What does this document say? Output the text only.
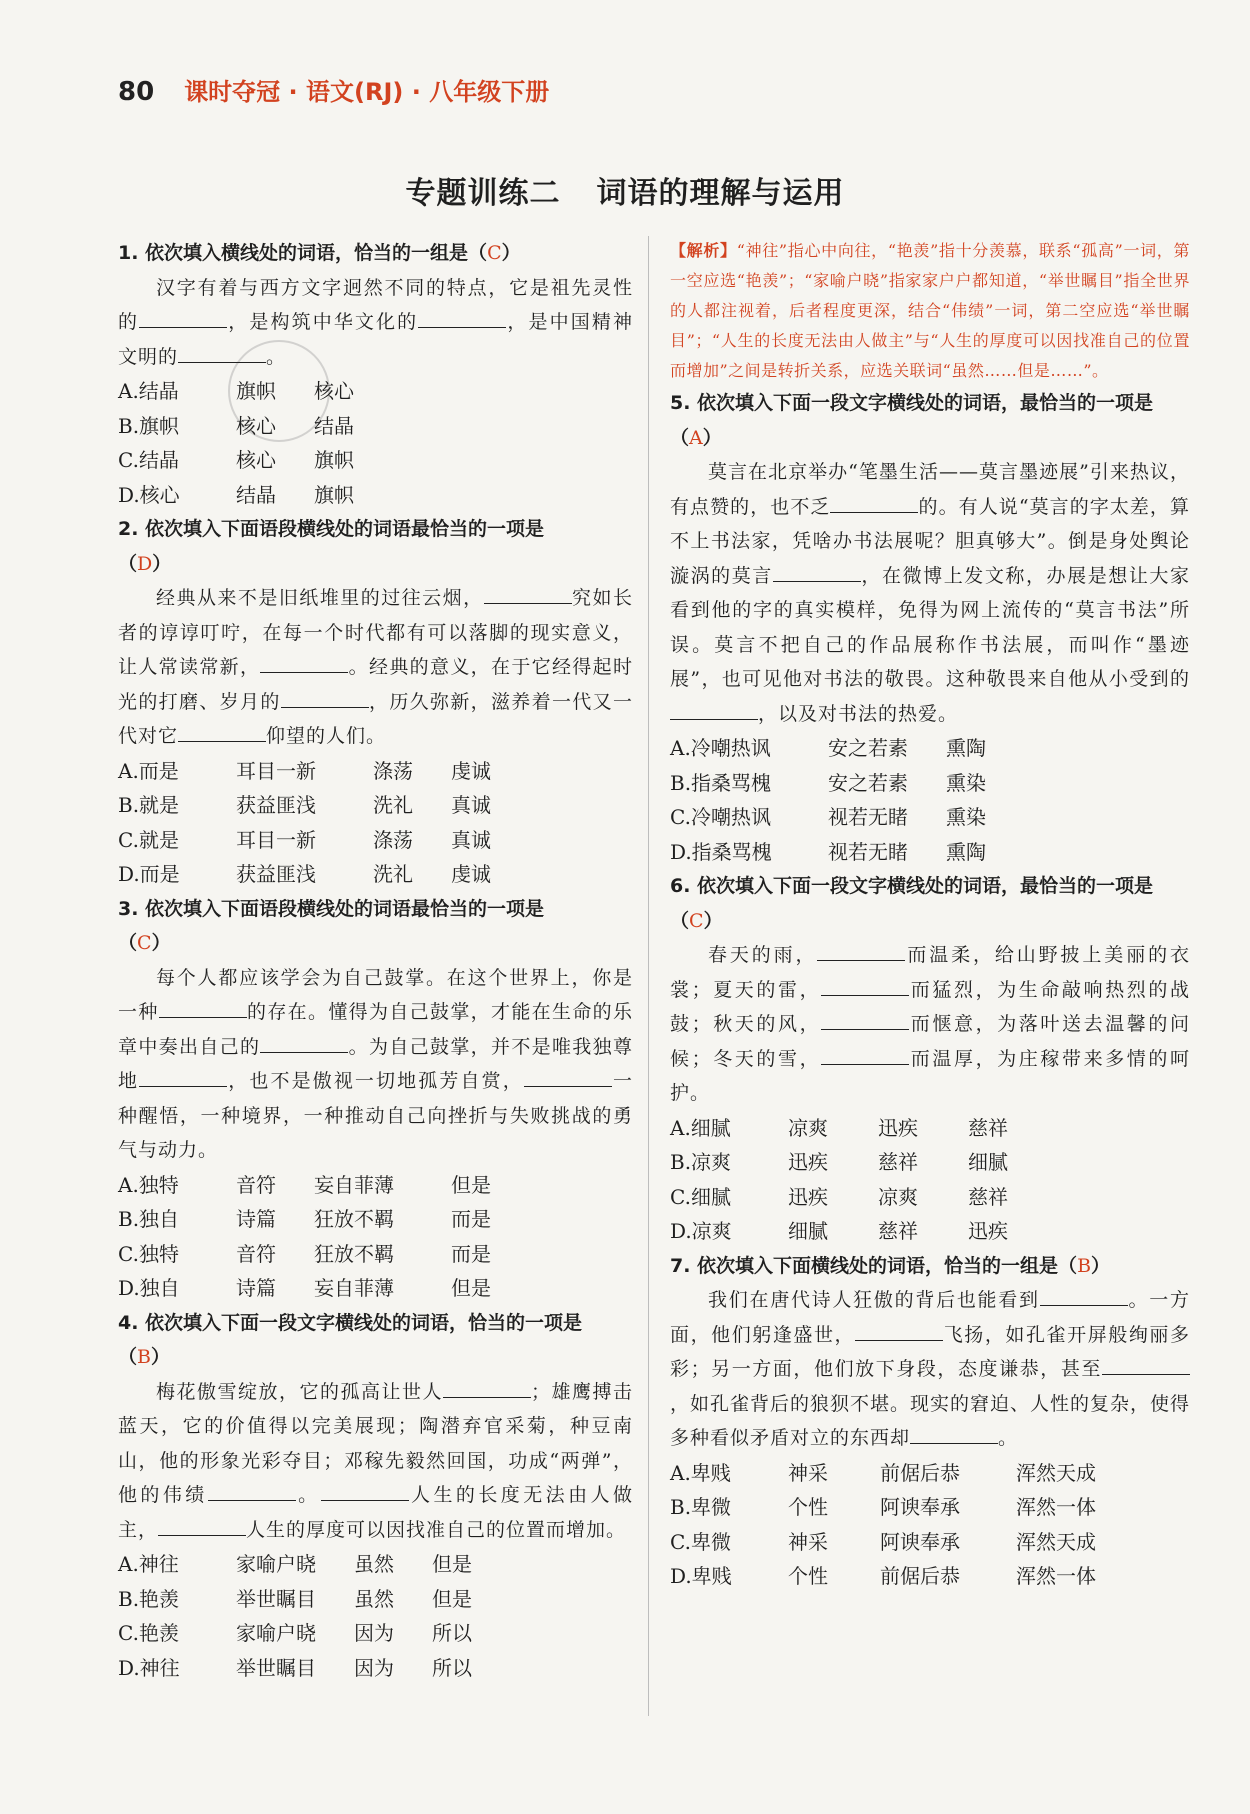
80 课时夺冠 · 语文(RJ) · 八年级下册
专题训练二 词语的理解与运用
1. 依次填入横线处的词语，恰当的一组是（C）
汉字有着与西方文字迥然不同的特点，它是祖先灵性的	，是构筑中华文化的	，是中国精神文明的	。
A.结晶	旗帜	核心
B.旗帜	核心	结晶
C.结晶	核心	旗帜
D.核心	结晶	旗帜
2. 依次填入下面语段横线处的词语最恰当的一项是
（D）
经典从来不是旧纸堆里的过往云烟，	究如长者的谆谆叮咛，在每一个时代都有可以落脚的现实意义，让人常读常新，	。经典的意义，在于它经得起时光的打磨、岁月的	，历久弥新，滋养着一代又一代对它	仰望的人们。
A.而是	耳目一新	涤荡	虔诚
B.就是	获益匪浅	洗礼	真诚
C.就是	耳目一新	涤荡	真诚
D.而是	获益匪浅	洗礼	虔诚
3. 依次填入下面语段横线处的词语最恰当的一项是
（C）
每个人都应该学会为自己鼓掌。在这个世界上，你是一种	的存在。懂得为自己鼓掌，才能在生命的乐章中奏出自己的	。为自己鼓掌，并不是唯我独尊地	，也不是傲视一切地孤芳自赏，	一种醒悟，一种境界，一种推动自己向挫折与失败挑战的勇气与动力。
A.独特	音符	妄自菲薄	但是
B.独自	诗篇	狂放不羁	而是
C.独特	音符	狂放不羁	而是
D.独自	诗篇	妄自菲薄	但是
4. 依次填入下面一段文字横线处的词语，恰当的一项是（B）
梅花傲雪绽放，它的孤高让世人	；雄鹰搏击蓝天，它的价值得以完美展现；陶潜弃官采菊，种豆南山，他的形象光彩夺目；邓稼先毅然回国，功成“两弹”，他的伟绩	。	人生的长度无法由人做主，	人生的厚度可以因找准自己的位置而增加。
A.神往	家喻户晓	虽然	但是
B.艳羡	举世瞩目	虽然	但是
C.艳羡	家喻户晓	因为	所以
D.神往	举世瞩目	因为	所以
【解析】“神往”指心中向往，“艳羡”指十分羡慕，联系“孤高”一词，第一空应选“艳羡”；“家喻户晓”指家家户户都知道，“举世瞩目”指全世界的人都注视着，后者程度更深，结合“伟绩”一词，第二空应选“举世瞩目”；“人生的长度无法由人做主”与“人生的厚度可以因找准自己的位置而增加”之间是转折关系，应选关联词“虽然……但是……”。
5. 依次填入下面一段文字横线处的词语，最恰当的一项是（A）
莫言在北京举办“笔墨生活——莫言墨迹展”引来热议，有点赞的，也不乏	的。有人说“莫言的字太差，算不上书法家，凭啥办书法展呢？胆真够大”。倒是身处舆论漩涡的莫言	，在微博上发文称，办展是想让大家看到他的字的真实模样，免得为网上流传的“莫言书法”所误。莫言不把自己的作品展称作书法展，而叫作“墨迹展”，也可见他对书法的敬畏。这种敬畏来自他从小受到的，以及对书法的热爱。
A.冷嘲热讽	安之若素	熏陶
B.指桑骂槐	安之若素	熏染
C.冷嘲热讽	视若无睹	熏染
D.指桑骂槐	视若无睹	熏陶
6. 依次填入下面一段文字横线处的词语，最恰当的一项是（C）
春天的雨，	而温柔，给山野披上美丽的衣裳；夏天的雷，	而猛烈，为生命敲响热烈的战鼓；秋天的风，	而惬意，为落叶送去温馨的问候；冬天的雪，	而温厚，为庄稼带来多情的呵护。
A.细腻	凉爽	迅疾	慈祥
B.凉爽	迅疾	慈祥	细腻
C.细腻	迅疾	凉爽	慈祥
D.凉爽	细腻	慈祥	迅疾
7. 依次填入下面横线处的词语，恰当的一组是（B）
我们在唐代诗人狂傲的背后也能看到	。一方面，他们躬逢盛世，	飞扬，如孔雀开屏般绚丽多彩；另一方面，他们放下身段，态度谦恭，甚至，如孔雀背后的狼狈不堪。现实的窘迫、人性的复杂，使得多种看似矛盾对立的东西却	。
A.卑贱	神采	前倨后恭	浑然天成
B.卑微	个性	阿谀奉承	浑然一体
C.卑微	神采	阿谀奉承	浑然天成
D.卑贱	个性	前倨后恭	浑然一体
